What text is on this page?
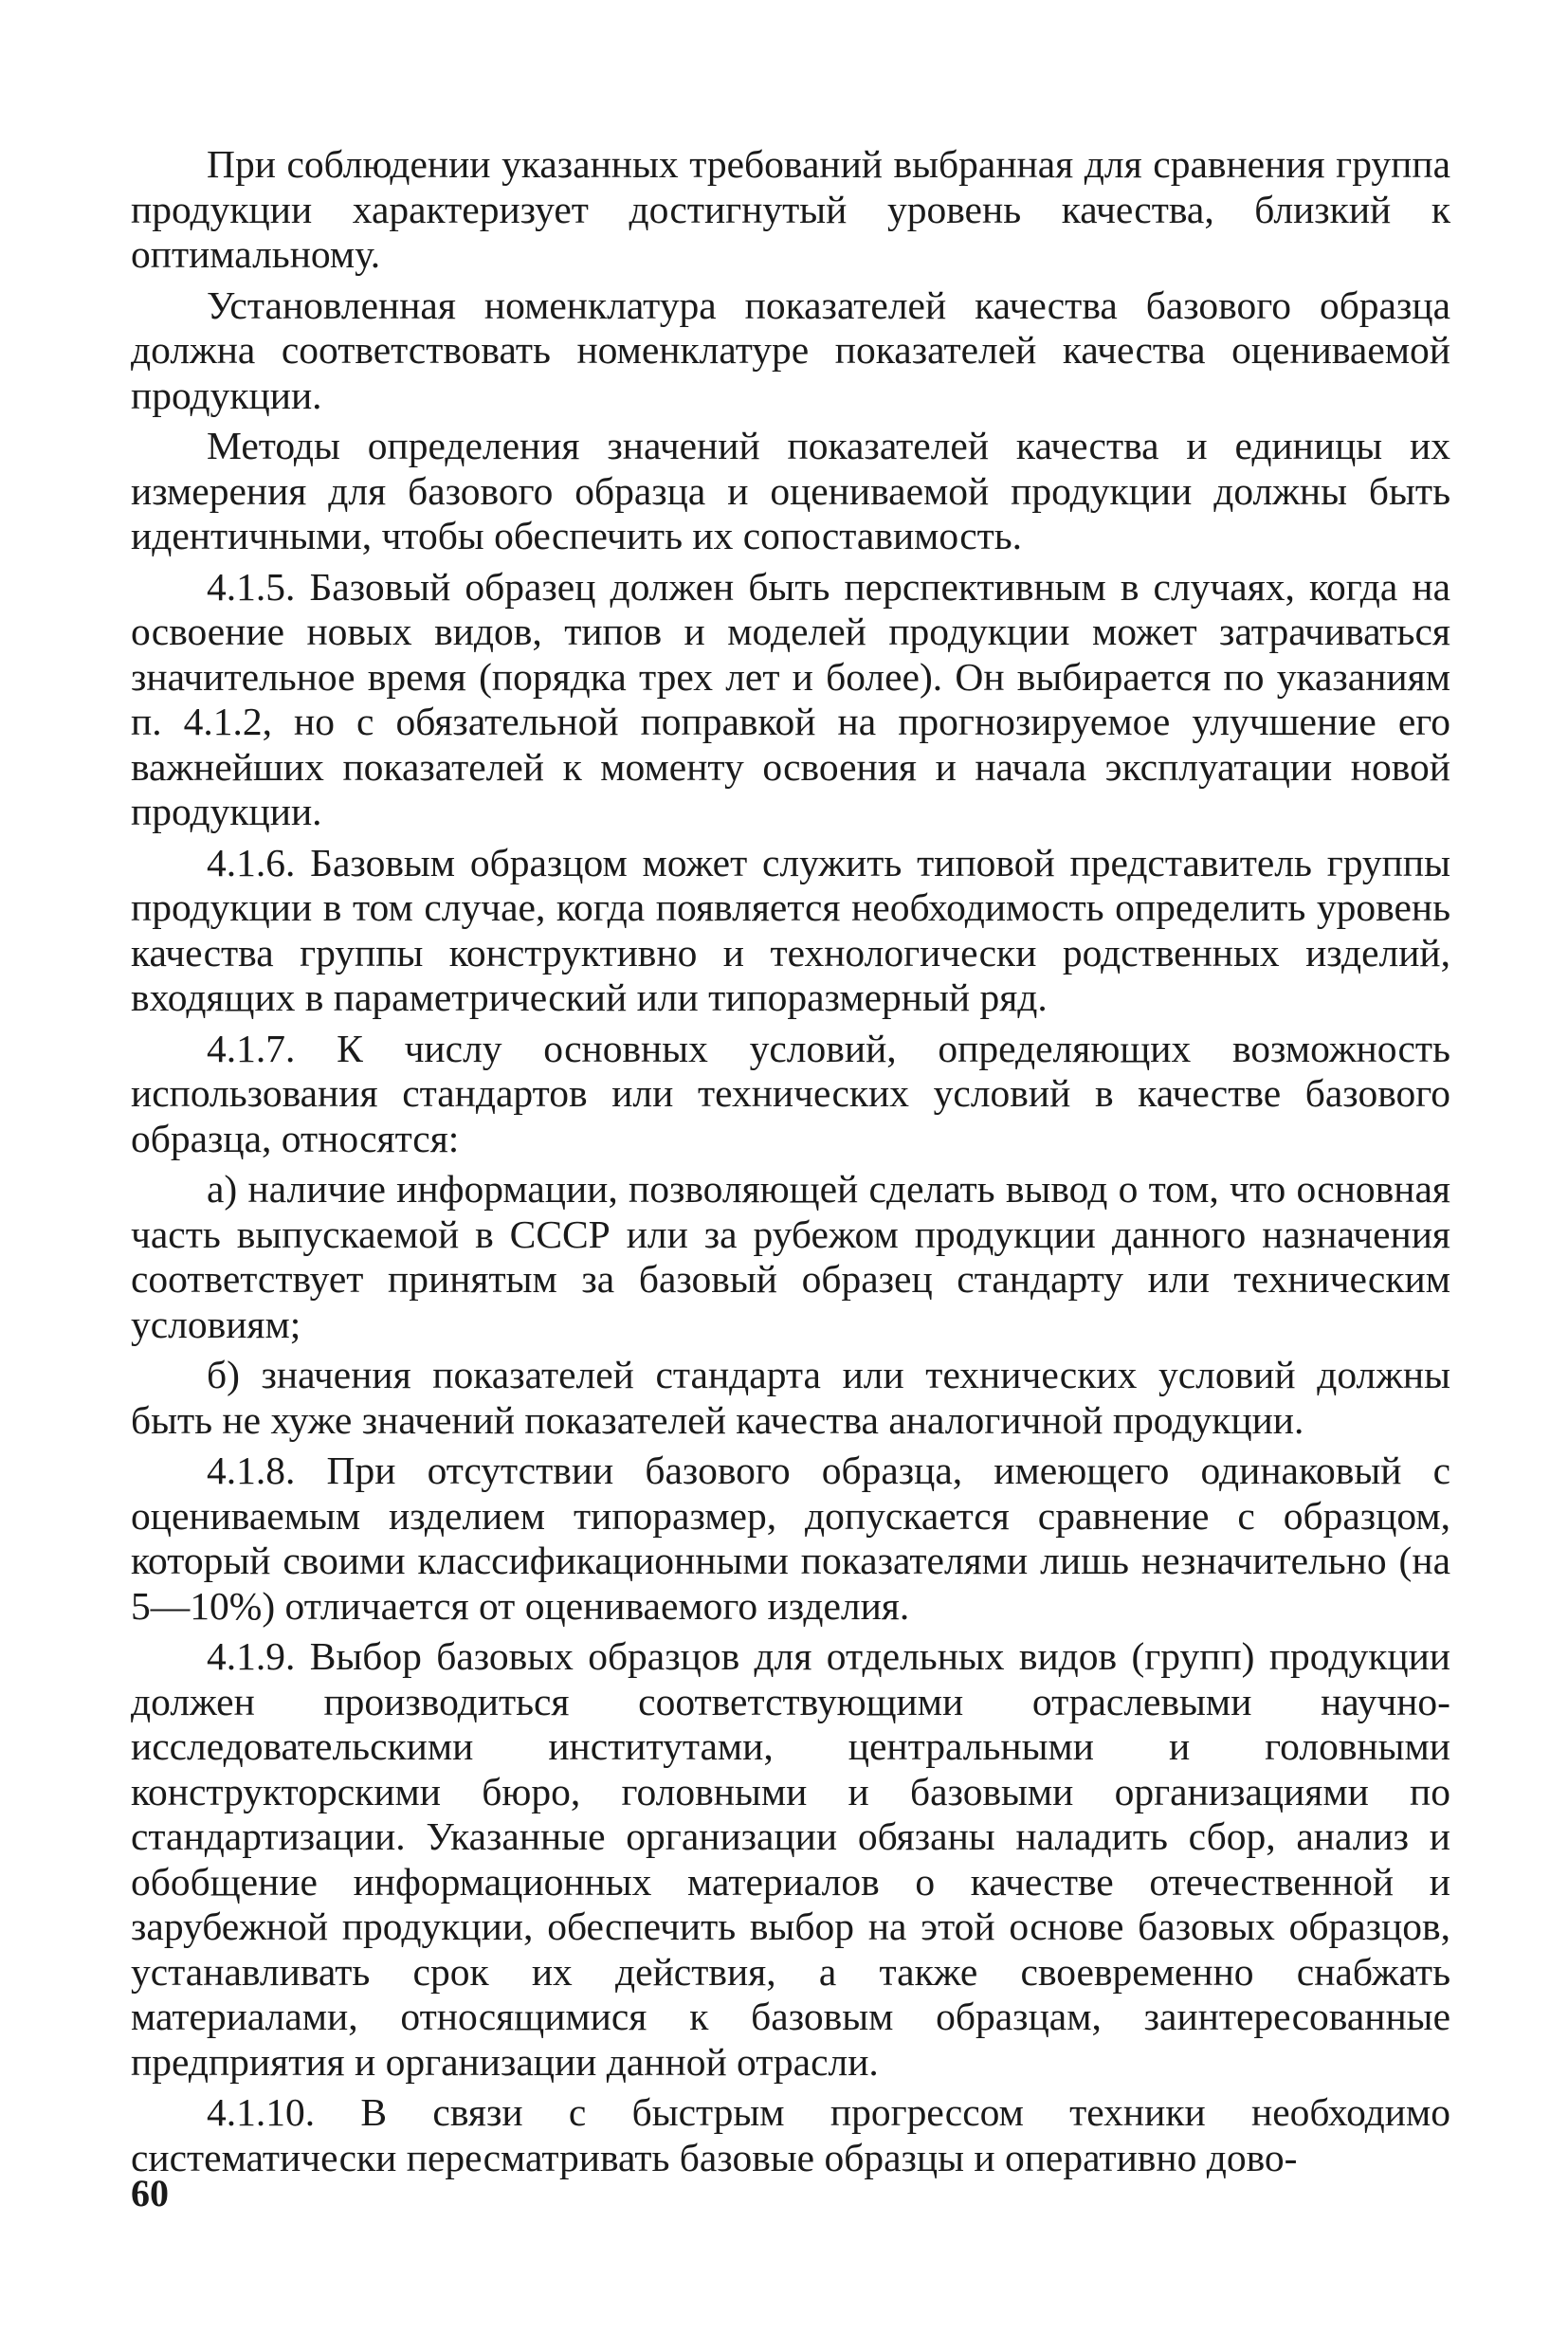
При соблюдении указанных требований выбранная для сравнения группа продукции характеризует достигнутый уровень качества, близкий к оптимальному.

Установленная номенклатура показателей качества базового образца должна соответствовать номенклатуре показателей качества оцениваемой продукции.

Методы определения значений показателей качества и единицы их измерения для базового образца и оцениваемой продукции должны быть идентичными, чтобы обеспечить их сопоставимость.

4.1.5. Базовый образец должен быть перспективным в случаях, когда на освоение новых видов, типов и моделей продукции может затрачиваться значительное время (порядка трех лет и более). Он выбирается по указаниям п. 4.1.2, но с обязательной поправкой на прогнозируемое улучшение его важнейших показателей к моменту освоения и начала эксплуатации новой продукции.

4.1.6. Базовым образцом может служить типовой представитель группы продукции в том случае, когда появляется необходимость определить уровень качества группы конструктивно и технологически родственных изделий, входящих в параметрический или типоразмерный ряд.

4.1.7. К числу основных условий, определяющих возможность использования стандартов или технических условий в качестве базового образца, относятся:

а) наличие информации, позволяющей сделать вывод о том, что основная часть выпускаемой в СССР или за рубежом продукции данного назначения соответствует принятым за базовый образец стандарту или техническим условиям;

б) значения показателей стандарта или технических условий должны быть не хуже значений показателей качества аналогичной продукции.

4.1.8. При отсутствии базового образца, имеющего одинаковый с оцениваемым изделием типоразмер, допускается сравнение с образцом, который своими классификационными показателями лишь незначительно (на 5—10%) отличается от оцениваемого изделия.

4.1.9. Выбор базовых образцов для отдельных видов (групп) продукции должен производиться соответствующими отраслевыми научно-исследовательскими институтами, центральными и головными конструкторскими бюро, головными и базовыми организациями по стандартизации. Указанные организации обязаны наладить сбор, анализ и обобщение информационных материалов о качестве отечественной и зарубежной продукции, обеспечить выбор на этой основе базовых образцов, устанавливать срок их действия, а также своевременно снабжать материалами, относящимися к базовым образцам, заинтересованные предприятия и организации данной отрасли.

4.1.10. В связи с быстрым прогрессом техники необходимо систематически пересматривать базовые образцы и оперативно дово-

60
